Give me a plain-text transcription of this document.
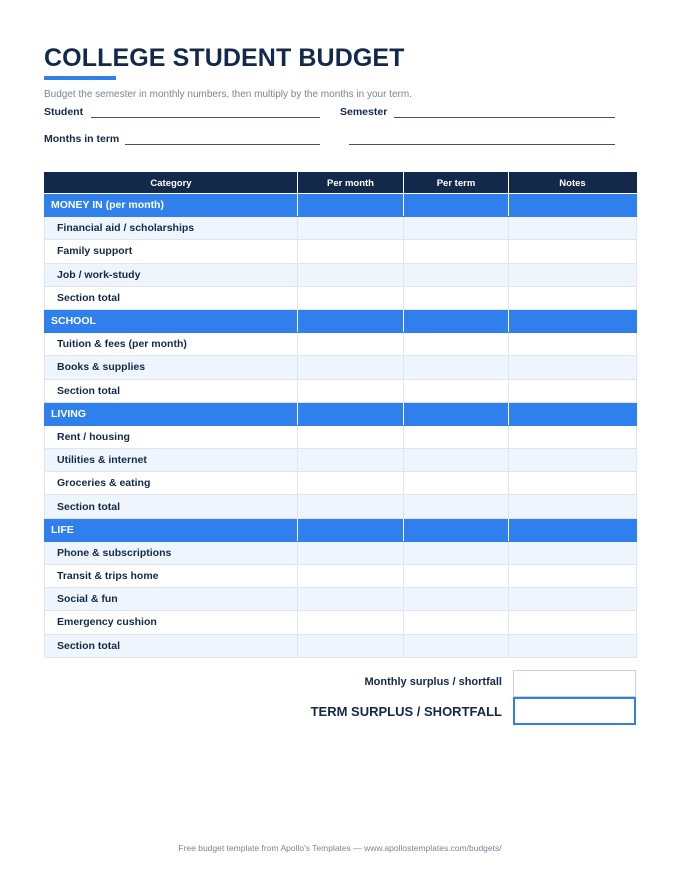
COLLEGE STUDENT BUDGET
Budget the semester in monthly numbers, then multiply by the months in your term.
Student	Semester
Months in term
Category	Per month	Per term	Notes
MONEY IN (per month)			
Financial aid / scholarships			
Family support			
Job / work-study			
Section total			
SCHOOL			
Tuition & fees (per month)			
Books & supplies			
Section total			
LIVING			
Rent / housing			
Utilities & internet			
Groceries & eating			
Section total			
LIFE			
Phone & subscriptions			
Transit & trips home			
Social & fun			
Emergency cushion			
Section total			
Monthly surplus / shortfall
TERM SURPLUS / SHORTFALL
Free budget template from Apollo's Templates — www.apollostemplates.com/budgets/
